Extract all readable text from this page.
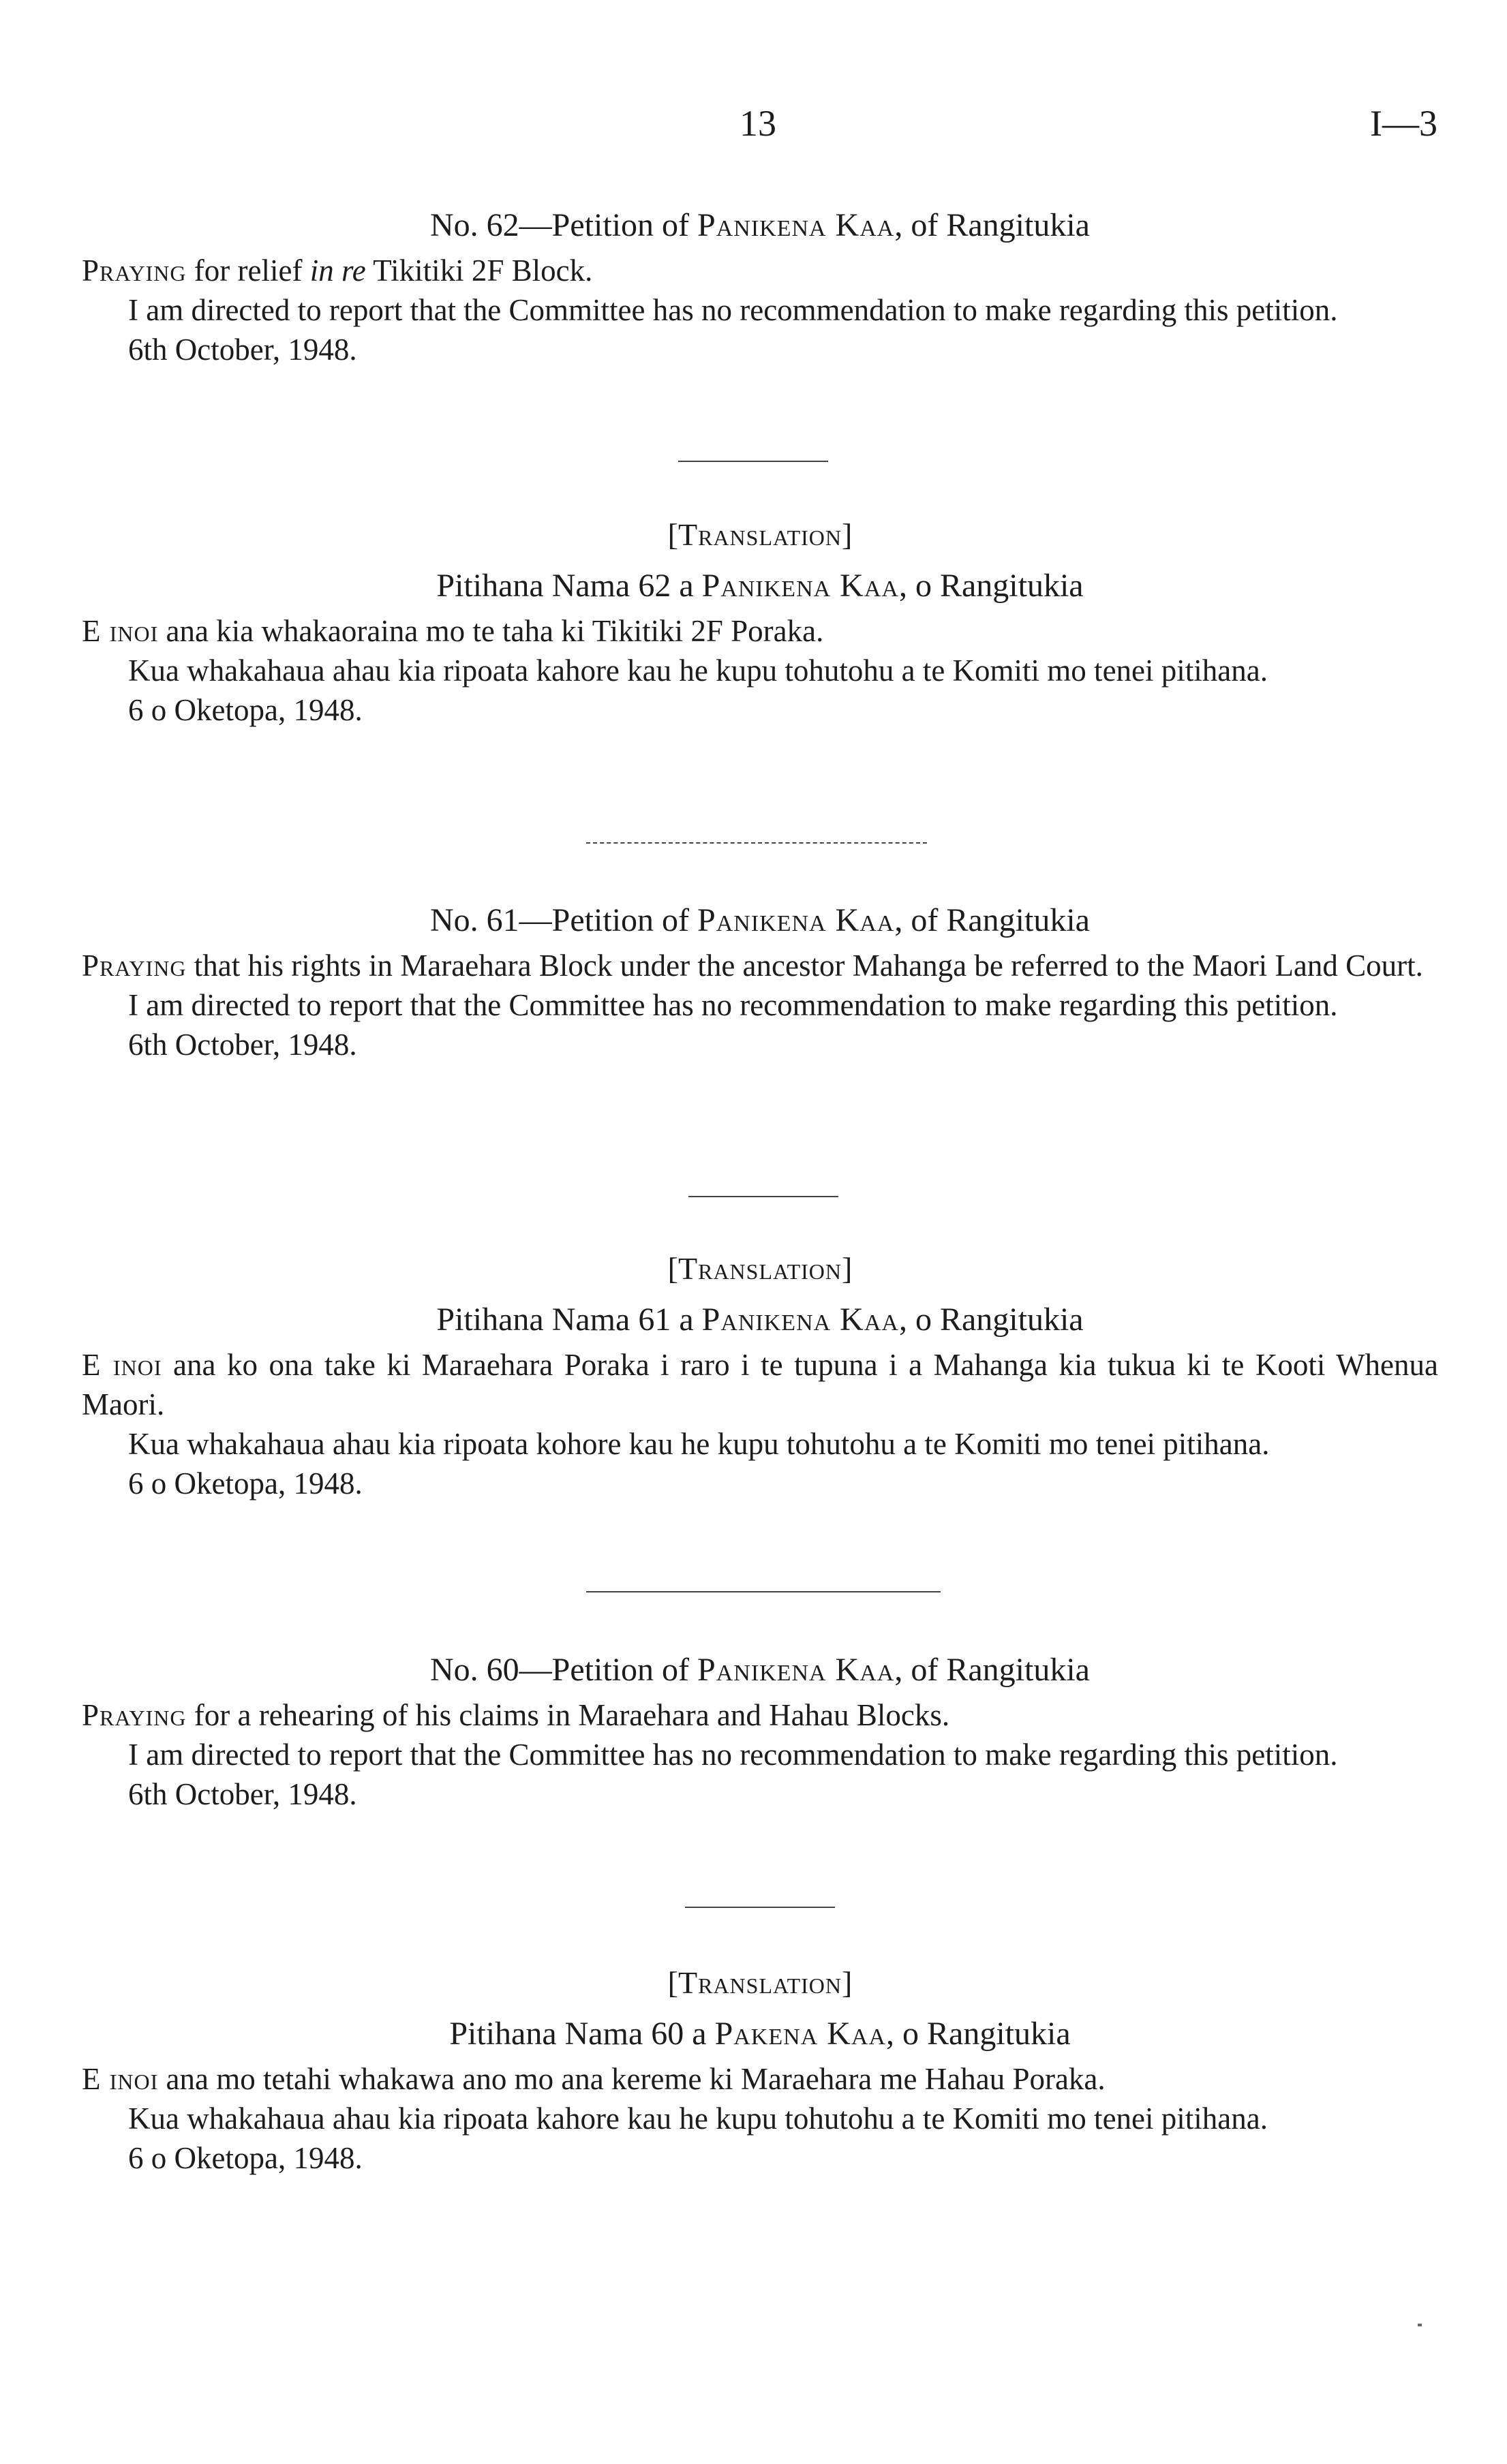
13	I—3

No. 62—Petition of Panikena Kaa, of Rangitukia

Praying for relief in re Tikitiki 2F Block.

I am directed to report that the Committee has no recommendation to make regarding this petition.

6th October, 1948.

[Translation]

Pitihana Nama 62 a Panikena Kaa, o Rangitukia

E inoi ana kia whakaoraina mo te taha ki Tikitiki 2F Poraka.

Kua whakahaua ahau kia ripoata kahore kau he kupu tohutohu a te Komiti mo tenei pitihana.

6 o Oketopa, 1948.

No. 61—Petition of Panikena Kaa, of Rangitukia

Praying that his rights in Maraehara Block under the ancestor Mahanga be referred to the Maori Land Court.

I am directed to report that the Committee has no recommendation to make regarding this petition.

6th October, 1948.

[Translation]

Pitihana Nama 61 a Panikena Kaa, o Rangitukia

E inoi ana ko ona take ki Maraehara Poraka i raro i te tupuna i a Mahanga kia tukua ki te Kooti Whenua Maori.

Kua whakahaua ahau kia ripoata kohore kau he kupu tohutohu a te Komiti mo tenei pitihana.

6 o Oketopa, 1948.

No. 60—Petition of Panikena Kaa, of Rangitukia

Praying for a rehearing of his claims in Maraehara and Hahau Blocks.

I am directed to report that the Committee has no recommendation to make regarding this petition.

6th October, 1948.

[Translation]

Pitihana Nama 60 a Pakena Kaa, o Rangitukia

E inoi ana mo tetahi whakawa ano mo ana kereme ki Maraehara me Hahau Poraka.

Kua whakahaua ahau kia ripoata kahore kau he kupu tohutohu a te Komiti mo tenei pitihana.

6 o Oketopa, 1948.
